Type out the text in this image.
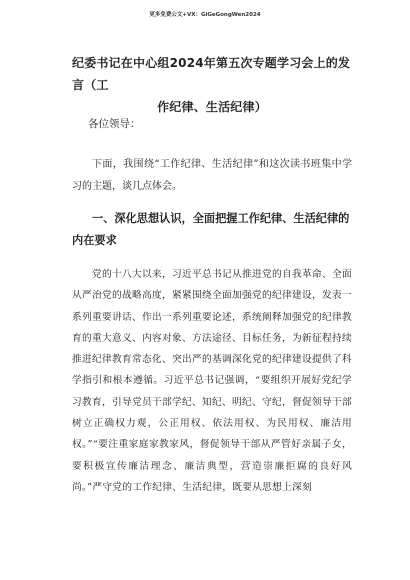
更多免费公文+VX：GiGeGongWen2024
纪委书记在中心组2024年第五次专题学习会上的发言（工
作纪律、生活纪律）
各位领导：
下面，我围绕“工作纪律、生活纪律”和这次读书班集中学习的主题，谈几点体会。
一、深化思想认识，全面把握工作纪律、生活纪律的内在要求
党的十八大以来，习近平总书记从推进党的自我革命、全面从严治党的战略高度，紧紧围绕全面加强党的纪律建设，发表一系列重要讲话、作出一系列重要论述，系统阐释加强党的纪律教育的重大意义、内容对象、方法途径、目标任务，为新征程持续推进纪律教育常态化、突出严的基调深化党的纪律建设提供了科学指引和根本遵循。习近平总书记强调，“要组织开展好党纪学习教育，引导党员干部学纪、知纪、明纪、守纪，督促领导干部树立正确权力观，公正用权、依法用权、为民用权、廉洁用权。”“要注重家庭家教家风，督促领导干部从严管好亲属子女，要积极宣传廉洁理念、廉洁典型，营造崇廉拒腐的良好风尚。”严守党的工作纪律、生活纪律，既要从思想上深刻
